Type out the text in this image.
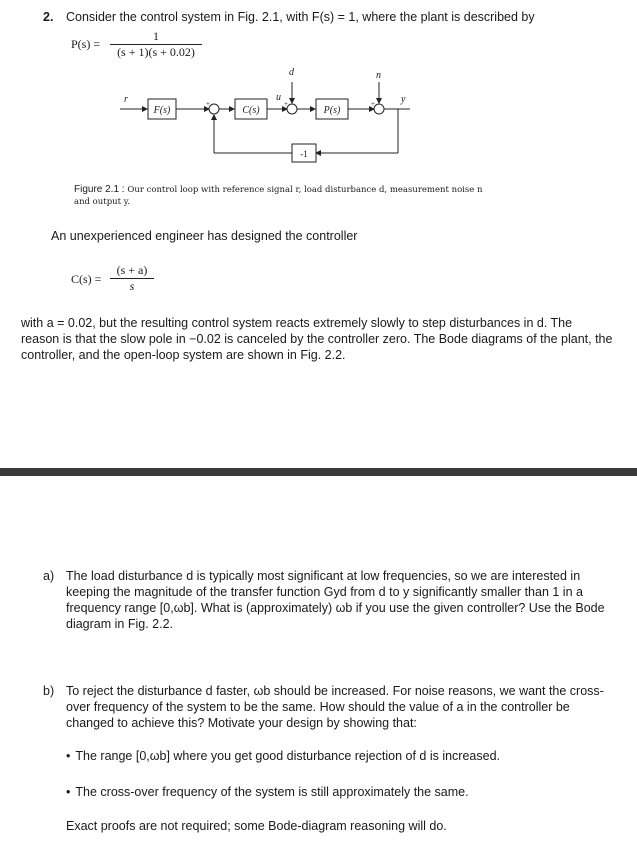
2. Consider the control system in Fig. 2.1, with F(s) = 1, where the plant is described by
$P(s) = \frac{1}{(s + 1)(s + 0.02)}$
r
F(s)	C(s)
u
d
P(s)
n
y
-1
+	+	+
Figure 2.1 : Our control loop with reference signal r, load disturbance d, measurement noise n
and output y.
An unexperienced engineer has designed the controller
$C(s) = \frac{(s + a)}{s}$
with a = 0.02, but the resulting control system reacts extremely slowly to step disturbances in d. The
reason is that the slow pole in −0.02 is canceled by the controller zero. The Bode diagrams of the plant, the
controller, and the open-loop system are shown in Fig. 2.2.
a) The load disturbance d is typically most significant at low frequencies, so we are interested in
keeping the magnitude of the transfer function Gyd from d to y significantly smaller than 1 in a
frequency range [0,ωb]. What is (approximately) ωb if you use the given controller? Use the Bode
diagram in Fig. 2.2.
b) To reject the disturbance d faster, ωb should be increased. For noise reasons, we want the cross-
over frequency of the system to be the same. How should the value of a in the controller be
changed to achieve this? Motivate your design by showing that:
• The range [0,ωb] where you get good disturbance rejection of d is increased.
• The cross-over frequency of the system is still approximately the same.
Exact proofs are not required; some Bode-diagram reasoning will do.
